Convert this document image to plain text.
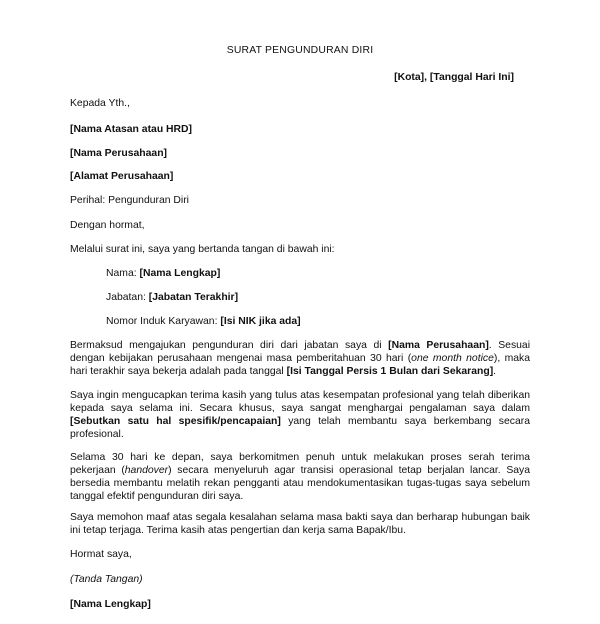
SURAT PENGUNDURAN DIRI
[Kota], [Tanggal Hari Ini]
Kepada Yth.,
[Nama Atasan atau HRD]
[Nama Perusahaan]
[Alamat Perusahaan]
Perihal: Pengunduran Diri
Dengan hormat,
Melalui surat ini, saya yang bertanda tangan di bawah ini:
Nama: [Nama Lengkap]
Jabatan: [Jabatan Terakhir]
Nomor Induk Karyawan: [Isi NIK jika ada]

Bermaksud mengajukan pengunduran diri dari jabatan saya di [Nama Perusahaan]. Sesuai dengan kebijakan perusahaan mengenai masa pemberitahuan 30 hari (one month notice), maka hari terakhir saya bekerja adalah pada tanggal [Isi Tanggal Persis 1 Bulan dari Sekarang].

Saya ingin mengucapkan terima kasih yang tulus atas kesempatan profesional yang telah diberikan kepada saya selama ini. Secara khusus, saya sangat menghargai pengalaman saya dalam [Sebutkan satu hal spesifik/pencapaian] yang telah membantu saya berkembang secara profesional.

Selama 30 hari ke depan, saya berkomitmen penuh untuk melakukan proses serah terima pekerjaan (handover) secara menyeluruh agar transisi operasional tetap berjalan lancar. Saya bersedia membantu melatih rekan pengganti atau mendokumentasikan tugas-tugas saya sebelum tanggal efektif pengunduran diri saya.

Saya memohon maaf atas segala kesalahan selama masa bakti saya dan berharap hubungan baik ini tetap terjaga. Terima kasih atas pengertian dan kerja sama Bapak/Ibu.

Hormat saya,
(Tanda Tangan)
[Nama Lengkap]
